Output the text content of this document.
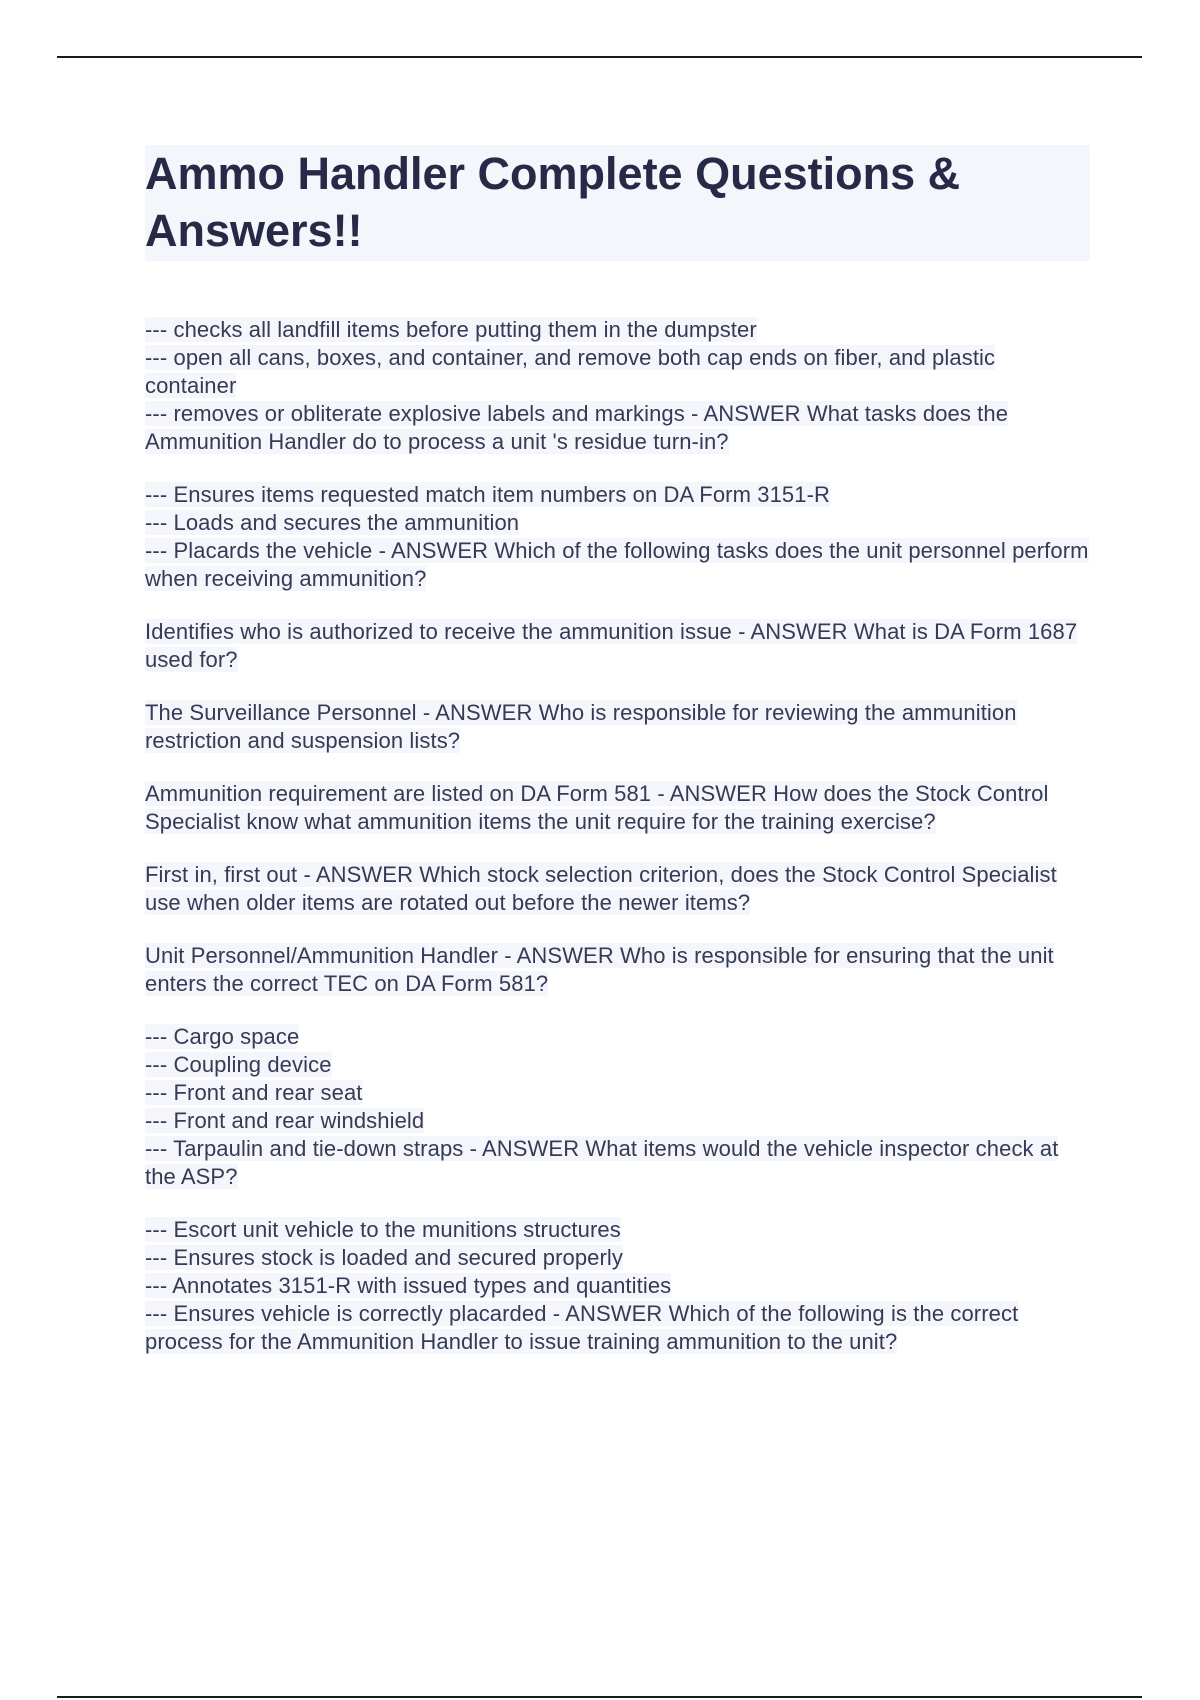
Ammo Handler Complete Questions & Answers!!
--- checks all landfill items before putting them in the dumpster
--- open all cans, boxes, and container, and remove both cap ends on fiber, and plastic container
--- removes or obliterate explosive labels and markings - ANSWER What tasks does the Ammunition Handler do to process a unit 's residue turn-in?
--- Ensures items requested match item numbers on DA Form 3151-R
--- Loads and secures the ammunition
--- Placards the vehicle - ANSWER Which of the following tasks does the unit personnel perform when receiving ammunition?
Identifies who is authorized to receive the ammunition issue - ANSWER What is DA Form 1687 used for?
The Surveillance Personnel - ANSWER Who is responsible for reviewing the ammunition restriction and suspension lists?
Ammunition requirement are listed on DA Form 581 - ANSWER How does the Stock Control Specialist know what ammunition items the unit require for the training exercise?
First in, first out - ANSWER Which stock selection criterion, does the Stock Control Specialist use when older items are rotated out before the newer items?
Unit Personnel/Ammunition Handler - ANSWER Who is responsible for ensuring that the unit enters the correct TEC on DA Form 581?
--- Cargo space
--- Coupling device
--- Front and rear seat
--- Front and rear windshield
--- Tarpaulin and tie-down straps - ANSWER What items would the vehicle inspector check at the ASP?
--- Escort unit vehicle to the munitions structures
--- Ensures stock is loaded and secured properly
--- Annotates 3151-R with issued types and quantities
--- Ensures vehicle is correctly placarded - ANSWER Which of the following is the correct process for the Ammunition Handler to issue training ammunition to the unit?
